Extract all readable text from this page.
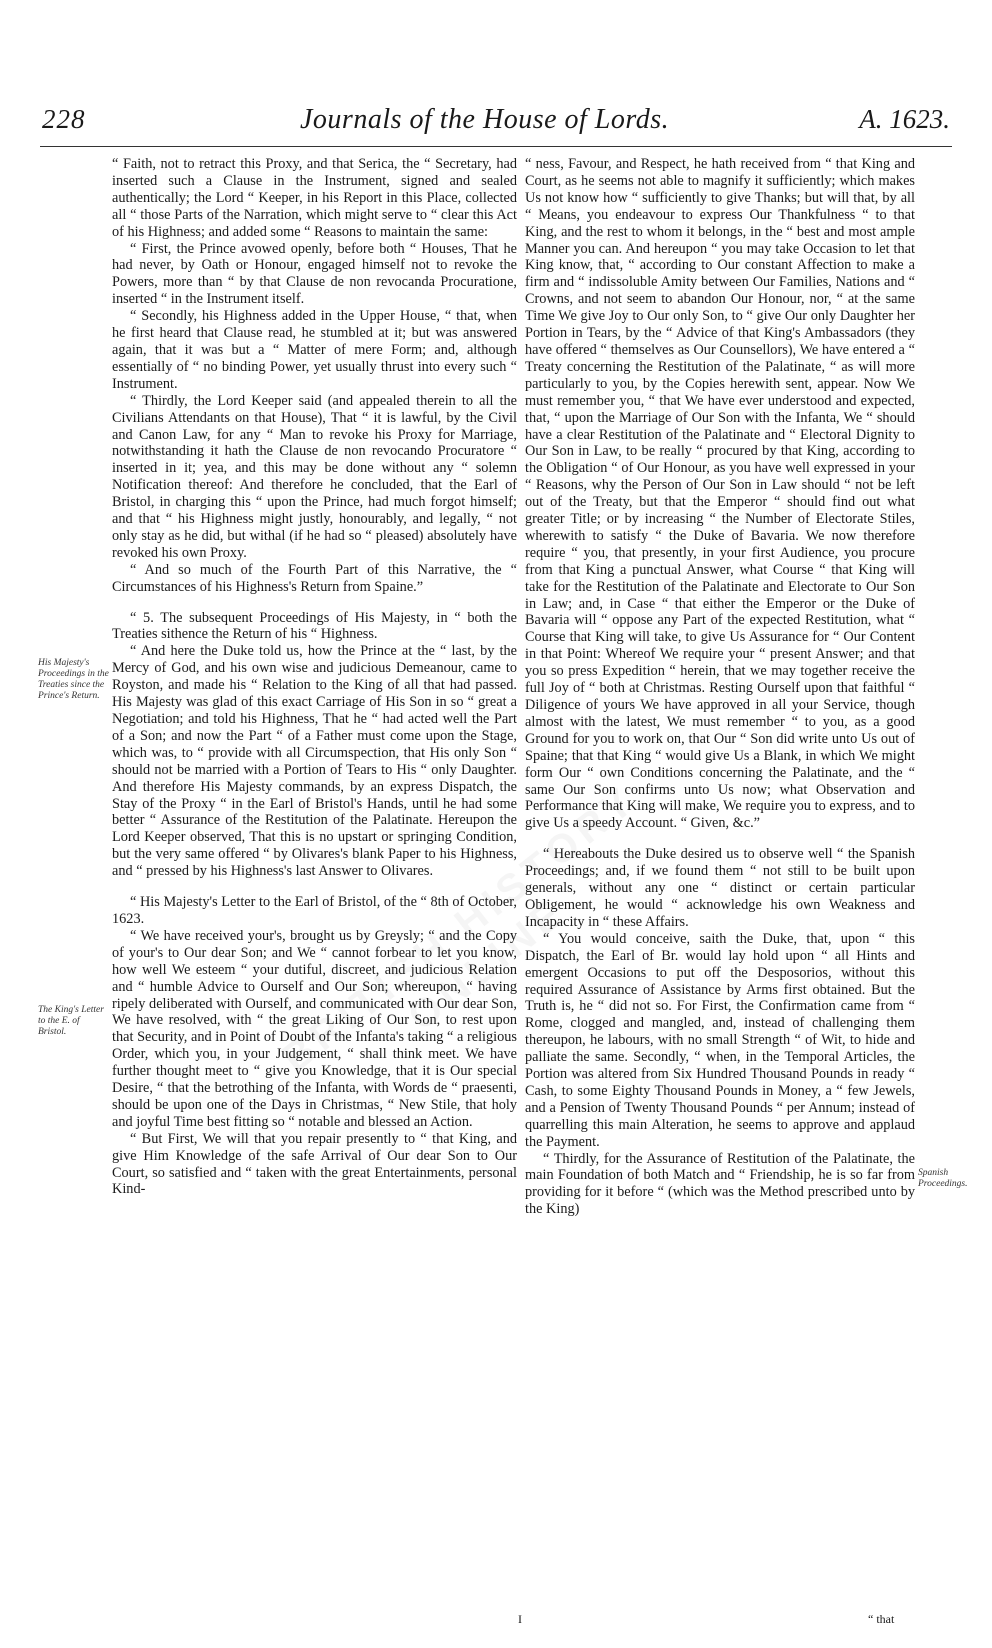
228	Journals of the House of Lords.	A. 1623.
His Majesty's Proceedings in the Treaties since the Prince's Return.
The King's Letter to the E. of Bristol.
Spanish Proceedings.

“ Faith, not to retract this Proxy, and that Serica, the “ Secretary, had inserted such a Clause in the Instrument, signed and sealed authentically; the Lord “ Keeper, in his Report in this Place, collected all “ those Parts of the Narration, which might serve to “ clear this Act of his Highness; and added some “ Reasons to maintain the same:

“ First, the Prince avowed openly, before both “ Houses, That he had never, by Oath or Honour, engaged himself not to revoke the Powers, more than “ by that Clause de non revocanda Procuratione, inserted “ in the Instrument itself.

“ Secondly, his Highness added in the Upper House, “ that, when he first heard that Clause read, he stumbled at it; but was answered again, that it was but a “ Matter of mere Form; and, although essentially of “ no binding Power, yet usually thrust into every such “ Instrument.

“ Thirdly, the Lord Keeper said (and appealed therein to all the Civilians Attendants on that House), That “ it is lawful, by the Civil and Canon Law, for any “ Man to revoke his Proxy for Marriage, notwithstanding it hath the Clause de non revocando Procuratore “ inserted in it; yea, and this may be done without any “ solemn Notification thereof: And therefore he concluded, that the Earl of Bristol, in charging this “ upon the Prince, had much forgot himself; and that “ his Highness might justly, honourably, and legally, “ not only stay as he did, but withal (if he had so “ pleased) absolutely have revoked his own Proxy.

“ And so much of the Fourth Part of this Narrative, the “ Circumstances of his Highness's Return from Spaine.”

“ 5. The subsequent Proceedings of His Majesty, in “ both the Treaties sithence the Return of his “ Highness.

“ And here the Duke told us, how the Prince at the “ last, by the Mercy of God, and his own wise and judicious Demeanour, came to Royston, and made his “ Relation to the King of all that had passed. His Majesty was glad of this exact Carriage of His Son in so “ great a Negotiation; and told his Highness, That he “ had acted well the Part of a Son; and now the Part “ of a Father must come upon the Stage, which was, to “ provide with all Circumspection, that His only Son “ should not be married with a Portion of Tears to His “ only Daughter. And therefore His Majesty commands, by an express Dispatch, the Stay of the Proxy “ in the Earl of Bristol's Hands, until he had some better “ Assurance of the Restitution of the Palatinate. Hereupon the Lord Keeper observed, That this is no upstart or springing Condition, but the very same offered “ by Olivares's blank Paper to his Highness, and “ pressed by his Highness's last Answer to Olivares.

“ His Majesty's Letter to the Earl of Bristol, of the “ 8th of October, 1623.

“ We have received your's, brought us by Greysly; “ and the Copy of your's to Our dear Son; and We “ cannot forbear to let you know, how well We esteem “ your dutiful, discreet, and judicious Relation and “ humble Advice to Ourself and Our Son; whereupon, “ having ripely deliberated with Ourself, and communicated with Our dear Son, We have resolved, with “ the great Liking of Our Son, to rest upon that Security, and in Point of Doubt of the Infanta's taking “ a religious Order, which you, in your Judgement, “ shall think meet. We have further thought meet to “ give you Knowledge, that it is Our special Desire, “ that the betrothing of the Infanta, with Words de “ praesenti, should be upon one of the Days in Christmas, “ New Stile, that holy and joyful Time best fitting so “ notable and blessed an Action.

“ But First, We will that you repair presently to “ that King, and give Him Knowledge of the safe Arrival of Our dear Son to Our Court, so satisfied and “ taken with the great Entertainments, personal Kind-

“ ness, Favour, and Respect, he hath received from “ that King and Court, as he seems not able to magnify it sufficiently; which makes Us not know how “ sufficiently to give Thanks; but will that, by all “ Means, you endeavour to express Our Thankfulness “ to that King, and the rest to whom it belongs, in the “ best and most ample Manner you can. And hereupon “ you may take Occasion to let that King know, that, “ according to Our constant Affection to make a firm and “ indissoluble Amity between Our Families, Nations and “ Crowns, and not seem to abandon Our Honour, nor, “ at the same Time We give Joy to Our only Son, to “ give Our only Daughter her Portion in Tears, by the “ Advice of that King's Ambassadors (they have offered “ themselves as Our Counsellors), We have entered a “ Treaty concerning the Restitution of the Palatinate, “ as will more particularly to you, by the Copies herewith sent, appear. Now We must remember you, “ that We have ever understood and expected, that, “ upon the Marriage of Our Son with the Infanta, We “ should have a clear Restitution of the Palatinate and “ Electoral Dignity to Our Son in Law, to be really “ procured by that King, according to the Obligation “ of Our Honour, as you have well expressed in your “ Reasons, why the Person of Our Son in Law should “ not be left out of the Treaty, but that the Emperor “ should find out what greater Title; or by increasing “ the Number of Electorate Stiles, wherewith to satisfy “ the Duke of Bavaria. We now therefore require “ you, that presently, in your first Audience, you procure from that King a punctual Answer, what Course “ that King will take for the Restitution of the Palatinate and Electorate to Our Son in Law; and, in Case “ that either the Emperor or the Duke of Bavaria will “ oppose any Part of the expected Restitution, what “ Course that King will take, to give Us Assurance for “ Our Content in that Point: Whereof We require your “ present Answer; and that you so press Expedition “ herein, that we may together receive the full Joy of “ both at Christmas. Resting Ourself upon that faithful “ Diligence of yours We have approved in all your Service, though almost with the latest, We must remember “ to you, as a good Ground for you to work on, that Our “ Son did write unto Us out of Spaine; that that King “ would give Us a Blank, in which We might form Our “ own Conditions concerning the Palatinate, and the “ same Our Son confirms unto Us now; what Observation and Performance that King will make, We require you to express, and to give Us a speedy Account. “ Given, &c.”

“ Hereabouts the Duke desired us to observe well “ the Spanish Proceedings; and, if we found them “ not still to be built upon generals, without any one “ distinct or certain particular Obligement, he would “ acknowledge his own Weakness and Incapacity in “ these Affairs.

“ You would conceive, saith the Duke, that, upon “ this Dispatch, the Earl of Br. would lay hold upon “ all Hints and emergent Occasions to put off the Desposorios, without this required Assurance of Assistance by Arms first obtained. But the Truth is, he “ did not so. For First, the Confirmation came from “ Rome, clogged and mangled, and, instead of challenging them thereupon, he labours, with no small Strength “ of Wit, to hide and palliate the same. Secondly, “ when, in the Temporal Articles, the Portion was altered from Six Hundred Thousand Pounds in ready “ Cash, to some Eighty Thousand Pounds in Money, a “ few Jewels, and a Pension of Twenty Thousand Pounds “ per Annum; instead of quarrelling this main Alteration, he seems to approve and applaud the Payment.

“ Thirdly, for the Assurance of Restitution of the Palatinate, the main Foundation of both Match and “ Friendship, he is so far from providing for it before “ (which was the Method prescribed unto by the King)

I	“ that
